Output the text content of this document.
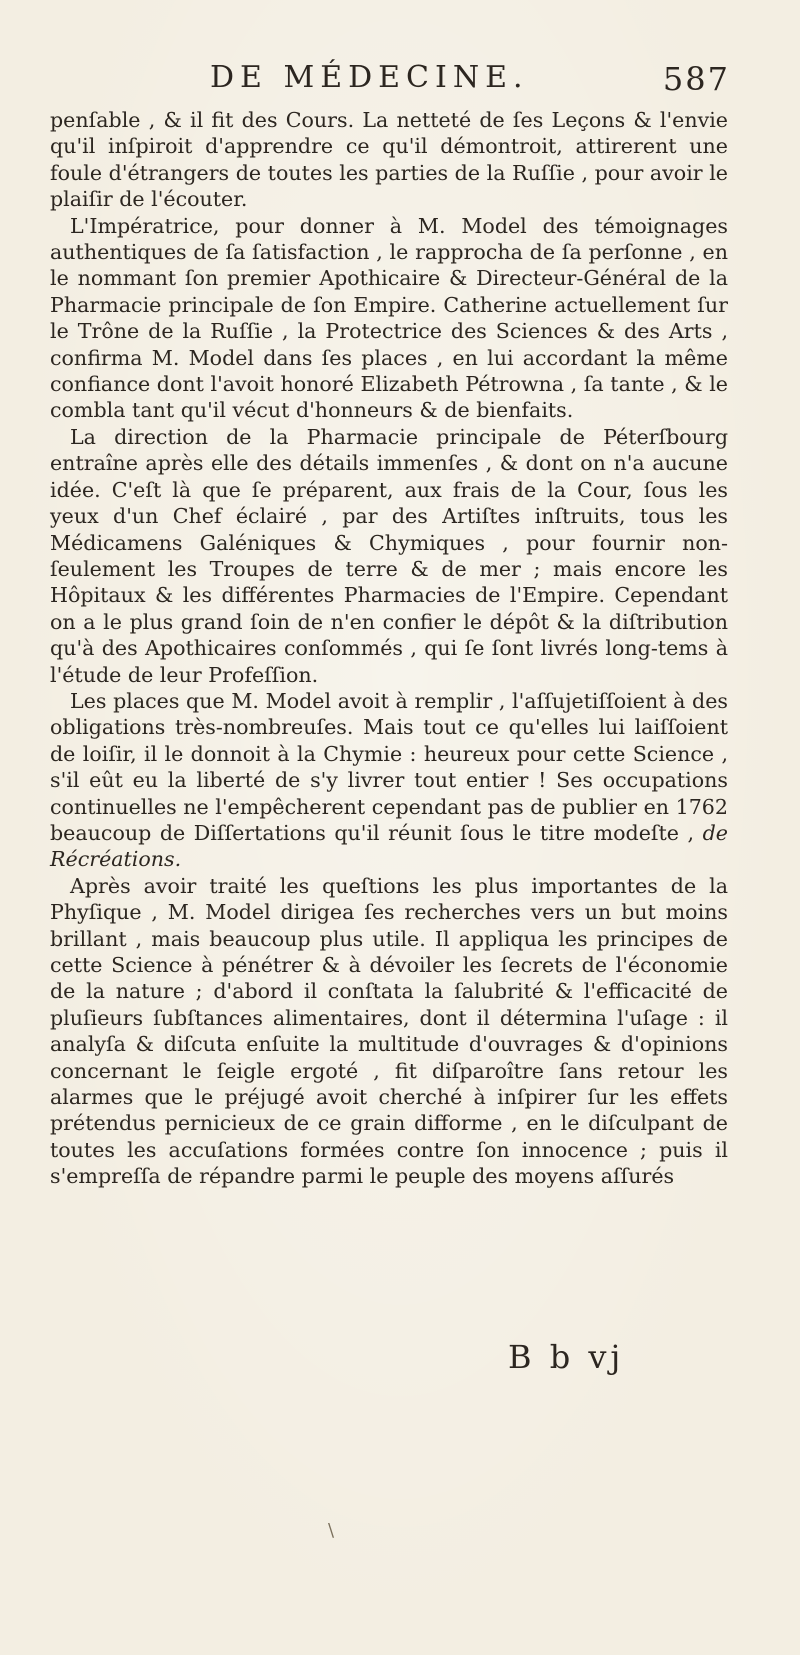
DE MÉDECINE.	587

penſable , & il fit des Cours. La netteté de ſes Leçons & l'envie qu'il inſpiroit d'apprendre ce qu'il démontroit, attirerent une foule d'étrangers de toutes les parties de la Ruſſie , pour avoir le plaiſir de l'écouter.

L'Impératrice, pour donner à M. Model des témoignages authentiques de ſa ſatisfaction , le rapprocha de ſa perſonne , en le nommant ſon premier Apothicaire & Directeur-Général de la Pharmacie principale de ſon Empire. Catherine actuellement ſur le Trône de la Ruſſie , la Protectrice des Sciences & des Arts , confirma M. Model dans ſes places , en lui accordant la même confiance dont l'avoit honoré Elizabeth Pétrowna , ſa tante , & le combla tant qu'il vécut d'honneurs & de bienfaits.

La direction de la Pharmacie principale de Péterſbourg entraîne après elle des détails immenſes , & dont on n'a aucune idée. C'eſt là que ſe préparent, aux frais de la Cour, ſous les yeux d'un Chef éclairé , par des Artiſtes inſtruits, tous les Médicamens Galéniques & Chymiques , pour fournir non-ſeulement les Troupes de terre & de mer ; mais encore les Hôpitaux & les différentes Pharmacies de l'Empire. Cependant on a le plus grand ſoin de n'en confier le dépôt & la diſtribution qu'à des Apothicaires conſommés , qui ſe ſont livrés long-tems à l'étude de leur Profeſſion.

Les places que M. Model avoit à remplir , l'aſſujetiſſoient à des obligations très-nombreuſes. Mais tout ce qu'elles lui laiſſoient de loiſir, il le donnoit à la Chymie : heureux pour cette Science , s'il eût eu la liberté de s'y livrer tout entier ! Ses occupations continuelles ne l'empêcherent cependant pas de publier en 1762 beaucoup de Diſſertations qu'il réunit ſous le titre modeſte , de Récréations.

Après avoir traité les queſtions les plus importantes de la Phyſique , M. Model dirigea ſes recherches vers un but moins brillant , mais beaucoup plus utile. Il appliqua les principes de cette Science à pénétrer & à dévoiler les ſecrets de l'économie de la nature ; d'abord il conſtata la ſalubrité & l'efficacité de pluſieurs ſubſtances alimentaires, dont il détermina l'uſage : il analyſa & diſcuta enſuite la multitude d'ouvrages & d'opinions concernant le ſeigle ergoté , fit diſparoître ſans retour les alarmes que le préjugé avoit cherché à inſpirer ſur les effets prétendus pernicieux de ce grain difforme , en le diſculpant de toutes les accuſations formées contre ſon innocence ; puis il s'empreſſa de répandre parmi le peuple des moyens aſſurés

B b vj
\
